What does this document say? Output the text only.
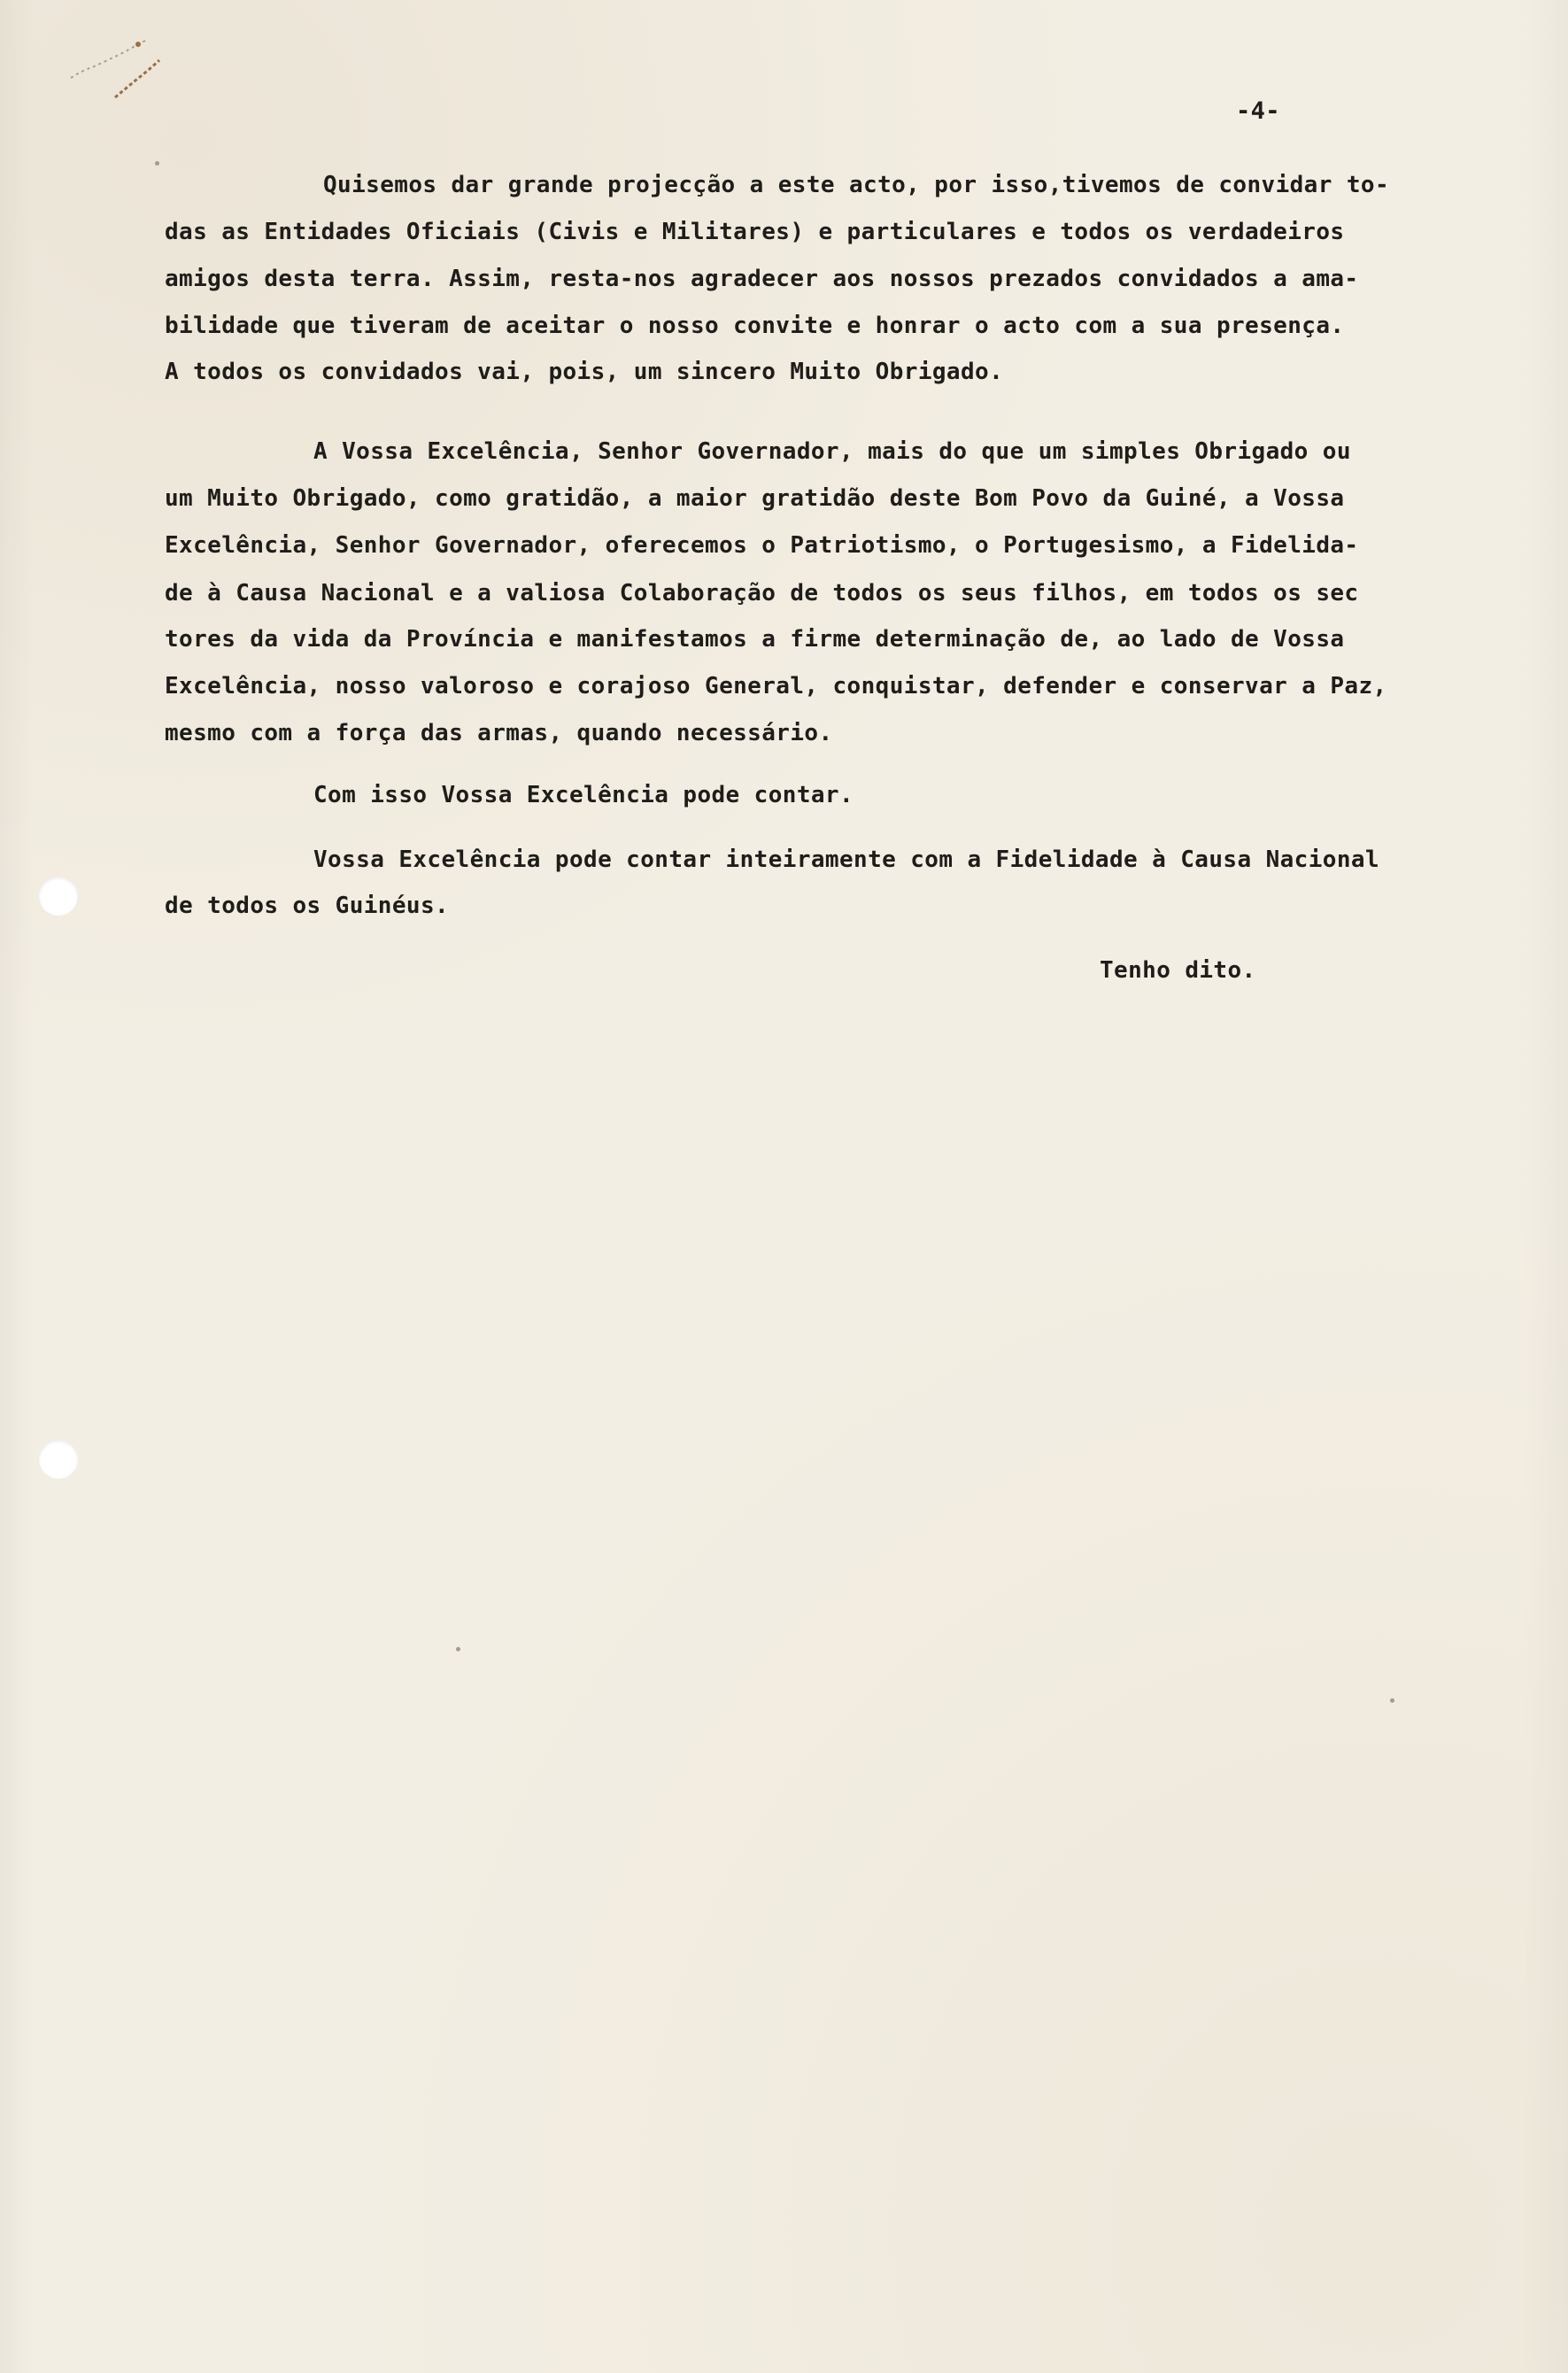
-4-

Quisemos dar grande projecção a este acto, por isso,tivemos de convidar to-

das as Entidades Oficiais (Civis e Militares) e particulares e todos os verdadeiros

amigos desta terra. Assim, resta-nos agradecer aos nossos prezados convidados a ama-

bilidade que tiveram de aceitar o nosso convite e honrar o acto com a sua presença.

A todos os convidados vai, pois, um sincero Muito Obrigado.

A Vossa Excelência, Senhor Governador, mais do que um simples Obrigado ou

um Muito Obrigado, como gratidão, a maior gratidão deste Bom Povo da Guiné, a Vossa

Excelência, Senhor Governador, oferecemos o Patriotismo, o Portugesismo, a Fidelida-

de à Causa Nacional e a valiosa Colaboração de todos os seus filhos, em todos os sec

tores da vida da Província e manifestamos a firme determinação de, ao lado de Vossa

Excelência, nosso valoroso e corajoso General, conquistar, defender e conservar a Paz,

mesmo com a força das armas, quando necessário.

Com isso Vossa Excelência pode contar.

Vossa Excelência pode contar inteiramente com a Fidelidade à Causa Nacional

de todos os Guinéus.

Tenho dito.
